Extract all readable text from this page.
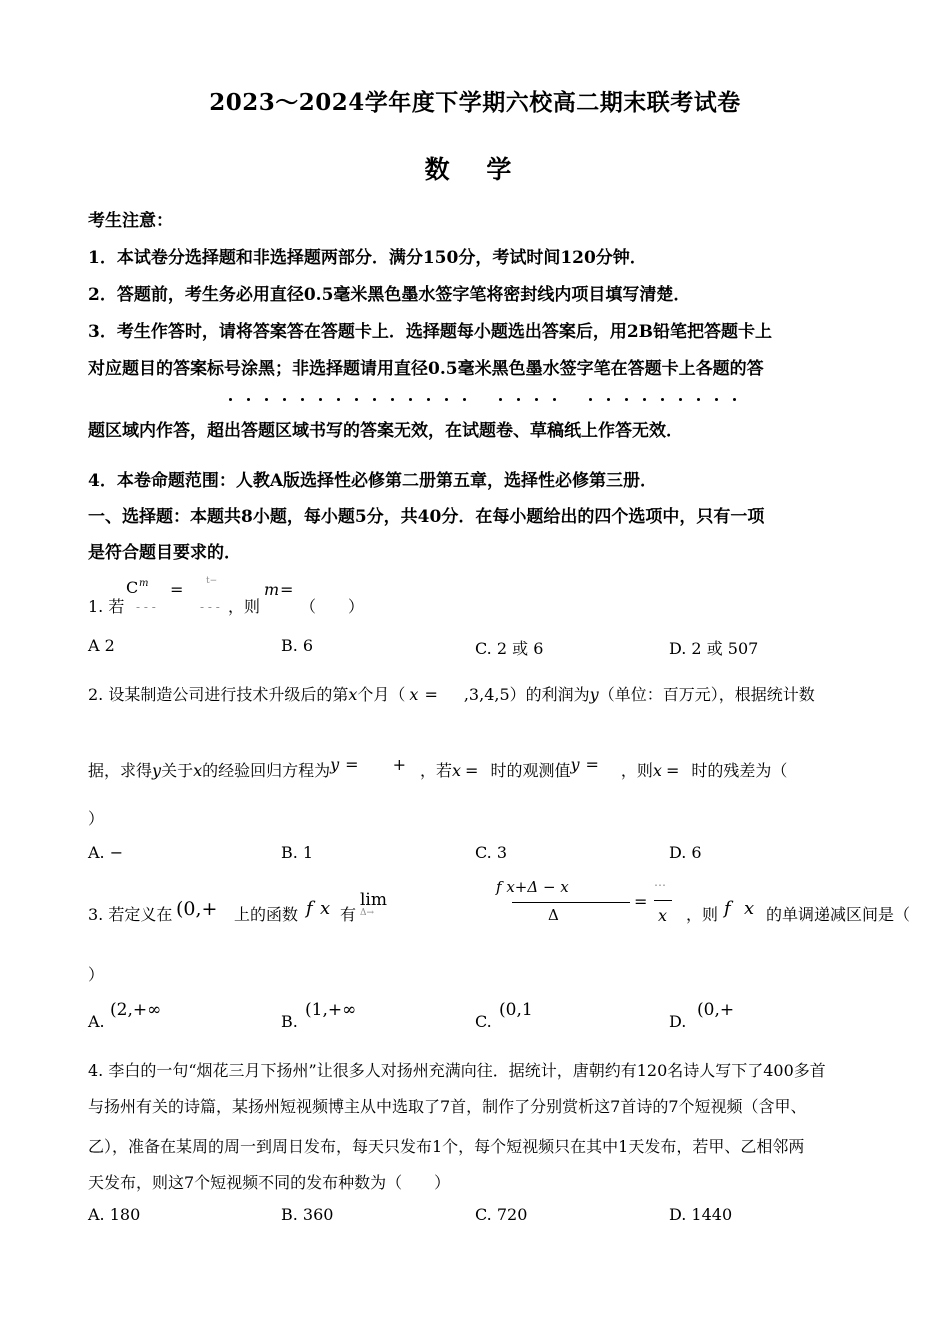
2023～2024学年度下学期六校高二期末联考试卷
数 学
考生注意：
1．本试卷分选择题和非选择题两部分．满分150分，考试时间120分钟．
2．答题前，考生务必用直径0.5毫米黑色墨水签字笔将密封线内项目填写清楚．
3．考生作答时，请将答案答在答题卡上．选择题每小题选出答案后，用2B铅笔把答题卡上
对应题目的答案标号涂黑；非选择题请用直径0.5毫米黑色墨水签字笔在答题卡上各题的答
题区域内作答，超出答题区域书写的答案无效，在试题卷、草稿纸上作答无效．
4．本卷命题范围：人教A版选择性必修第二册第五章，选择性必修第三册．
一、选择题：本题共8小题，每小题5分，共40分．在每小题给出的四个选项中，只有一项
是符合题目要求的．
1. 若
C m
- - -
=	t−
- - - ，则
m =
（　　）
A 2	B. 6	C. 2 或 6	D. 2 或 507
2. 设某制造公司进行技术升级后的第x个月（ x = ,3,4,5）的利润为y（单位：百万元），根据统计数
据，求得y关于x的经验回归方程为y = + ，若x = 时的观测值y = ，则x = 时的残差为（
）
A. −	B. 1	C. 3	D. 6
3. 若定义在 (0,+ 上的函数 f x 有
lim
Δ→
f x+Δ − x
Δ
=
⋯
x ，则 f x 的单调递减区间是（
）
A.
(2,+∞
B.
(1,+∞
C.
(0,1
D.
(0,+
4. 李白的一句“烟花三月下扬州”让很多人对扬州充满向往．据统计，唐朝约有120名诗人写下了400多首
与扬州有关的诗篇，某扬州短视频博主从中选取了7首，制作了分别赏析这7首诗的7个短视频（含甲、
乙），准备在某周的周一到周日发布，每天只发布1个，每个短视频只在其中1天发布，若甲、乙相邻两
天发布，则这7个短视频不同的发布种数为（　　）
A. 180	B. 360	C. 720	D. 1440
